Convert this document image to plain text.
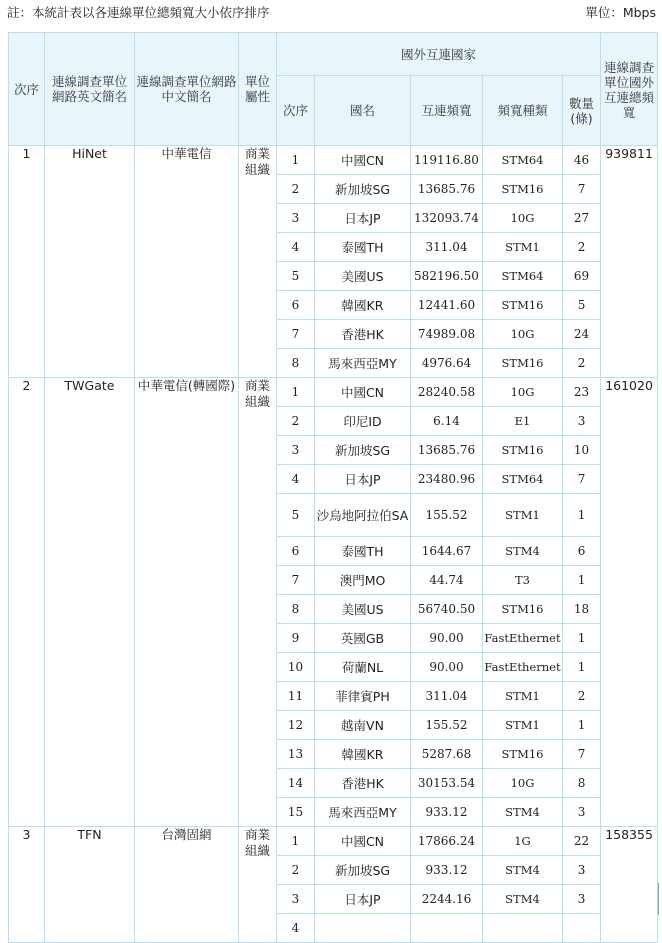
註：本統計表以各連線單位總頻寬大小依序排序	單位：Mbps
次序	連線調查單位網路英文簡名	連線調查單位網路中文簡名	單位屬性	國外互連國家					連線調查單位國外互連總頻寬
				次序	國名	互連頻寬	頻寬種類	數量(條)	
1	HiNet	中華電信	商業組織	1	中國CN	119116.80	STM64	46	939811
				2	新加坡SG	13685.76	STM16	7	
				3	日本JP	132093.74	10G	27	
				4	泰國TH	311.04	STM1	2	
				5	美國US	582196.50	STM64	69	
				6	韓國KR	12441.60	STM16	5	
				7	香港HK	74989.08	10G	24	
				8	馬來西亞MY	4976.64	STM16	2	
2	TWGate	中華電信(轉國際)	商業組織	1	中國CN	28240.58	10G	23	161020
				2	印尼ID	6.14	E1	3	
				3	新加坡SG	13685.76	STM16	10	
				4	日本JP	23480.96	STM64	7	
				5	沙烏地阿拉伯SA	155.52	STM1	1	
				6	泰國TH	1644.67	STM4	6	
				7	澳門MO	44.74	T3	1	
				8	美國US	56740.50	STM16	18	
				9	英國GB	90.00	FastEthernet	1	
				10	荷蘭NL	90.00	FastEthernet	1	
				11	菲律賓PH	311.04	STM1	2	
				12	越南VN	155.52	STM1	1	
				13	韓國KR	5287.68	STM16	7	
				14	香港HK	30153.54	10G	8	
				15	馬來西亞MY	933.12	STM4	3	
3	TFN	台灣固網	商業組織	1	中國CN	17866.24	1G	22	158355
				2	新加坡SG	933.12	STM4	3	
				3	日本JP	2244.16	STM4	3	
				4					
